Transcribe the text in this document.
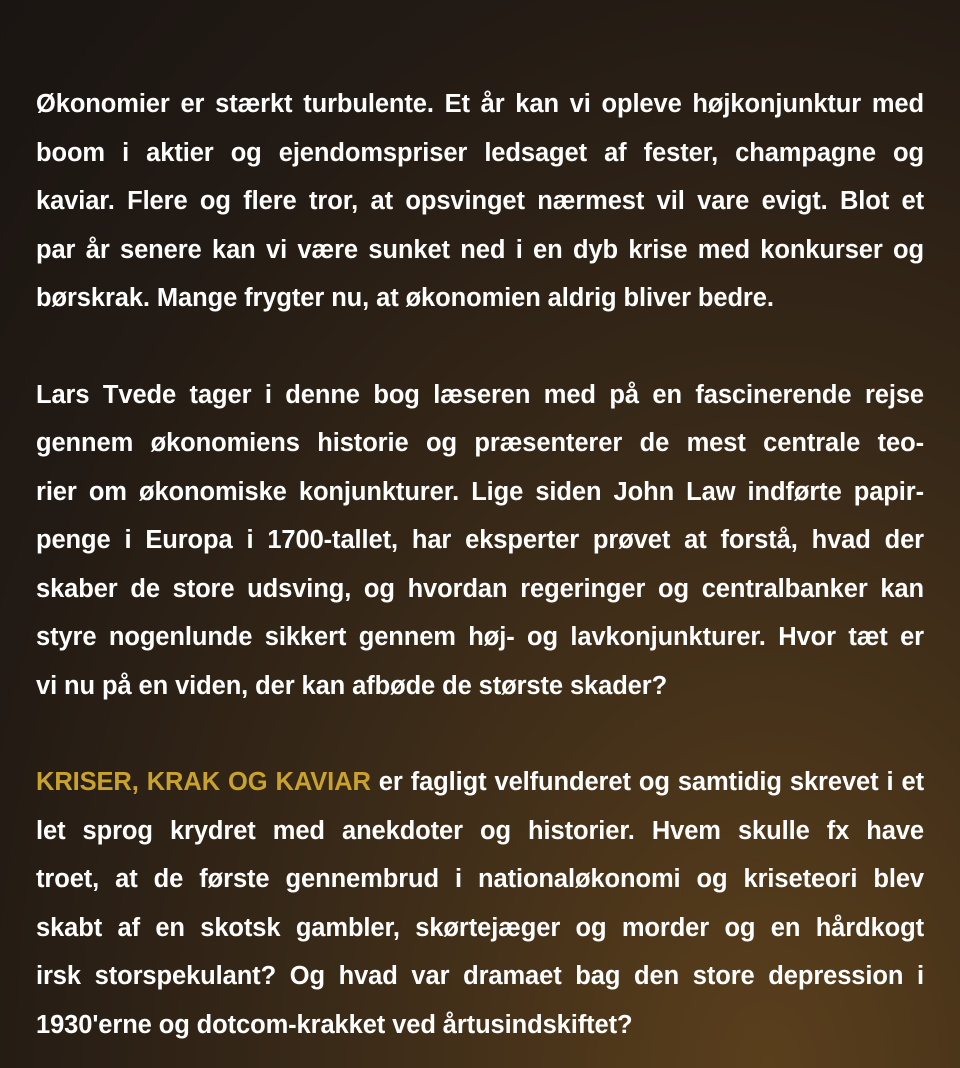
Økonomier er stærkt turbulente. Et år kan vi opleve højkonjunktur med
boom i aktier og ejendomspriser ledsaget af fester, champagne og
kaviar. Flere og flere tror, at opsvinget nærmest vil vare evigt. Blot et
par år senere kan vi være sunket ned i en dyb krise med konkurser og
børskrak. Mange frygter nu, at økonomien aldrig bliver bedre.

Lars Tvede tager i denne bog læseren med på en fascinerende rejse
gennem økonomiens historie og præsenterer de mest centrale teo-
rier om økonomiske konjunkturer. Lige siden John Law indførte papir-
penge i Europa i 1700-tallet, har eksperter prøvet at forstå, hvad der
skaber de store udsving, og hvordan regeringer og centralbanker kan
styre nogenlunde sikkert gennem høj- og lavkonjunkturer. Hvor tæt er
vi nu på en viden, der kan afbøde de største skader?

KRISER, KRAK OG KAVIAR er fagligt velfunderet og samtidig skrevet i et
let sprog krydret med anekdoter og historier. Hvem skulle fx have
troet, at de første gennembrud i nationaløkonomi og kriseteori blev
skabt af en skotsk gambler, skørtejæger og morder og en hårdkogt
irsk storspekulant? Og hvad var dramaet bag den store depression i
1930'erne og dotcom-krakket ved årtusindskiftet?
